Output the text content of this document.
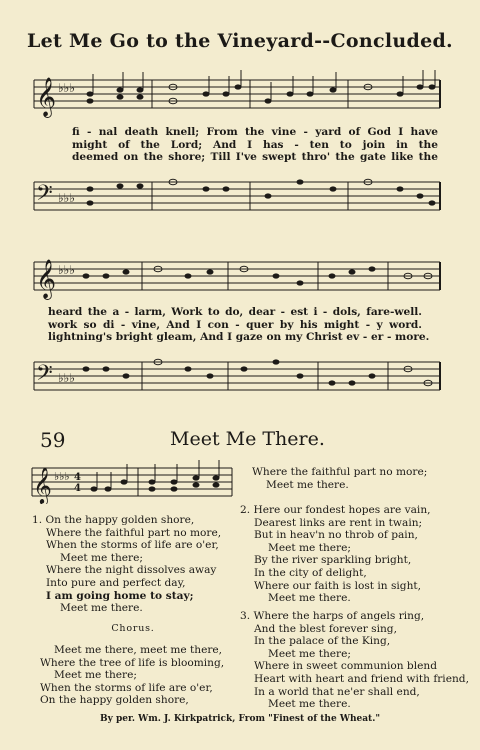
Let Me Go to the Vineyard--Concluded.
𝄞 ♭♭♭
fi - nal death knell; From the vine - yard of God I have
might of the Lord; And I has - ten to join in the
deemed on the shore; Till I've swept thro' the gate like the
𝄢 ♭♭♭
𝄞 ♭♭♭
heard the a - larm, Work to do, dear - est i - dols, fare-well.
work so di - vine, And I con - quer by his might - y word.
lightning's bright gleam, And I gaze on my Christ ev - er - more.
𝄢 ♭♭♭
59	Meet Me There.
𝄞 ♭♭♭ 4
4
Where the faithful part no more;
Meet me there.
1. On the happy golden shore,
Where the faithful part no more,
When the storms of life are o'er,
Meet me there;
Where the night dissolves away
Into pure and perfect day,
I am going home to stay;
Meet me there.
Chorus.
Meet me there, meet me there,
Where the tree of life is blooming,
Meet me there;
When the storms of life are o'er,
On the happy golden shore,
2. Here our fondest hopes are vain,
Dearest links are rent in twain;
But in heav'n no throb of pain,
Meet me there;
By the river sparkling bright,
In the city of delight,
Where our faith is lost in sight,
Meet me there.
3. Where the harps of angels ring,
And the blest forever sing,
In the palace of the King,
Meet me there;
Where in sweet communion blend
Heart with heart and friend with friend,
In a world that ne'er shall end,
Meet me there.
By per. Wm. J. Kirkpatrick, From "Finest of the Wheat."
